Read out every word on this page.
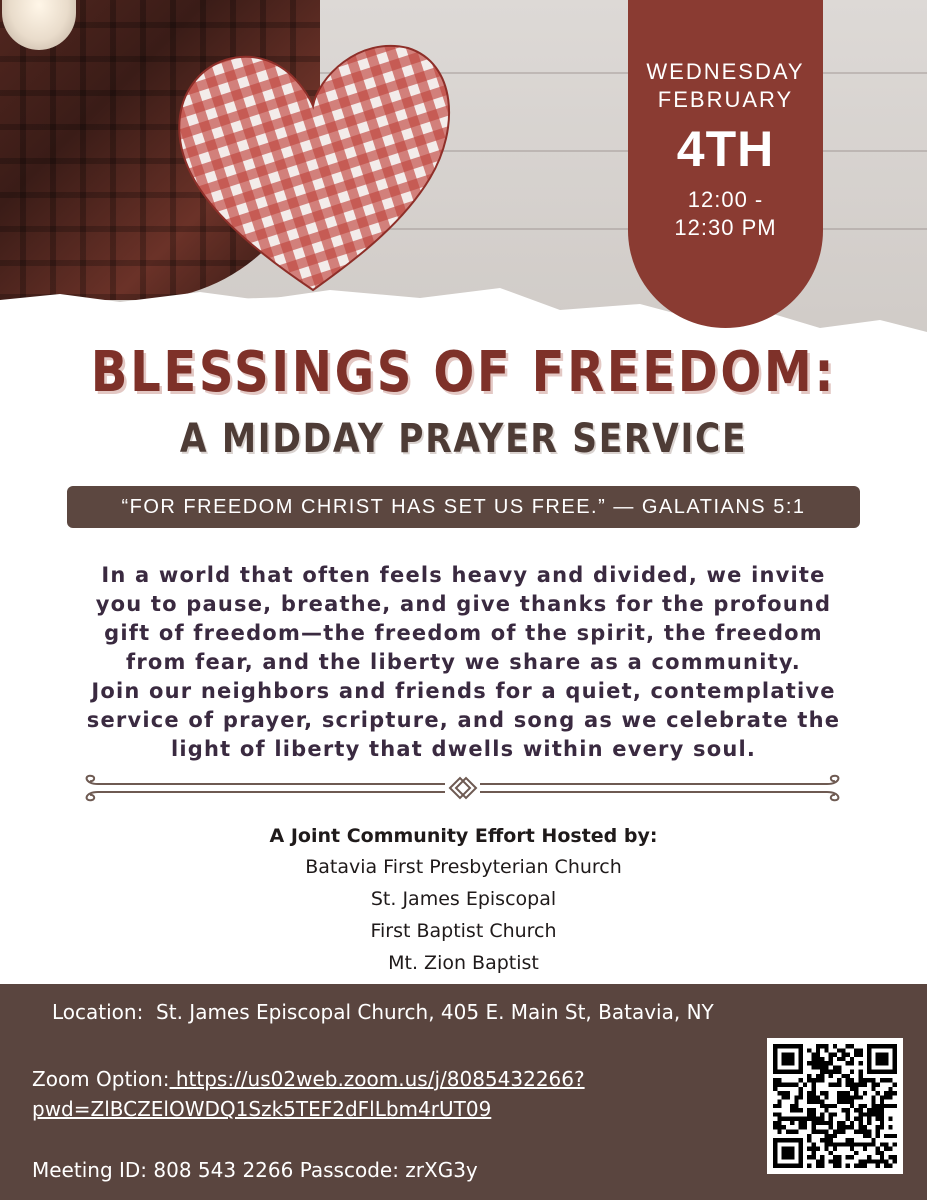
WEDNESDAY
FEBRUARY
4TH
12:00 -
12:30 PM
BLESSINGS OF FREEDOM:
A MIDDAY PRAYER SERVICE
“FOR FREEDOM CHRIST HAS SET US FREE.” — GALATIANS 5:1
In a world that often feels heavy and divided, we invite
you to pause, breathe, and give thanks for the profound
gift of freedom—the freedom of the spirit, the freedom
from fear, and the liberty we share as a community.
Join our neighbors and friends for a quiet, contemplative
service of prayer, scripture, and song as we celebrate the
light of liberty that dwells within every soul.
A Joint Community Effort Hosted by:
Batavia First Presbyterian Church
St. James Episcopal
First Baptist Church
Mt. Zion Baptist
Location:  St. James Episcopal Church, 405 E. Main St, Batavia, NY
Zoom Option: https://us02web.zoom.us/j/8085432266?
pwd=ZlBCZElOWDQ1Szk5TEF2dFlLbm4rUT09
Meeting ID: 808 543 2266 Passcode: zrXG3y
